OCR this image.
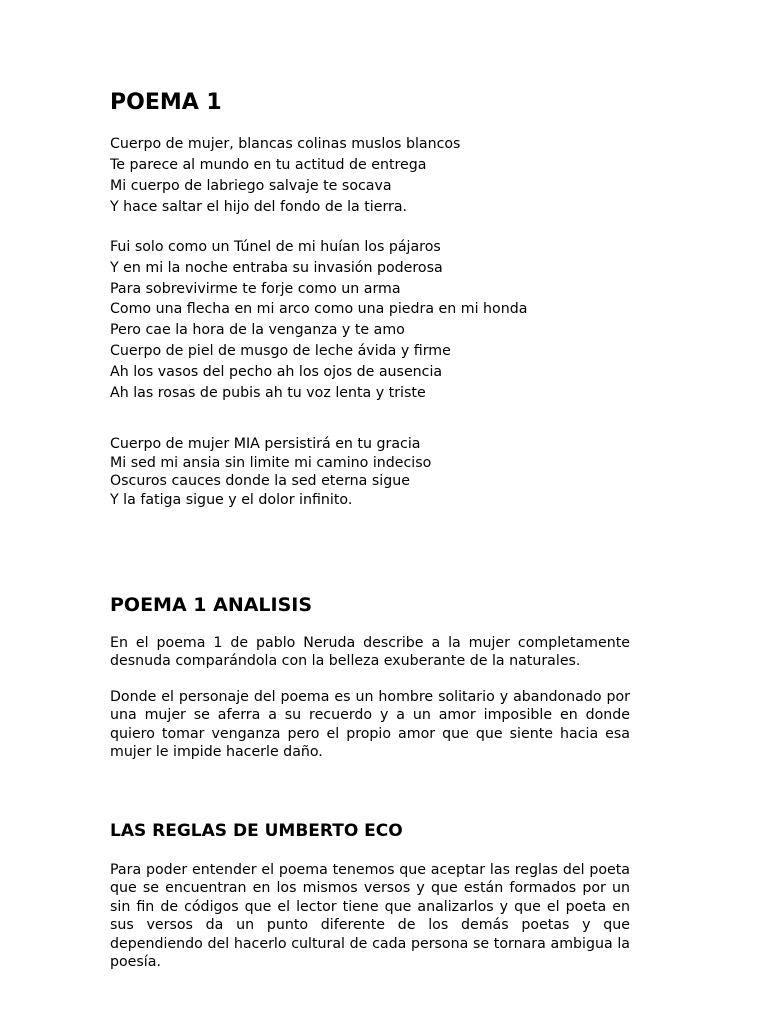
POEMA 1
Cuerpo de mujer, blancas colinas muslos blancos
Te parece al mundo en tu actitud de entrega
Mi cuerpo de labriego salvaje te socava
Y hace saltar el hijo del fondo de la tierra.
Fui solo como un Túnel de mi huían los pájaros
Y en mi la noche entraba su invasión poderosa
Para sobrevivirme te forje como un arma
Como una flecha en mi arco como una piedra en mi honda
Pero cae la hora de la venganza y te amo
Cuerpo de piel de musgo de leche ávida y firme
Ah los vasos del pecho ah los ojos de ausencia
Ah las rosas de pubis ah tu voz lenta y triste
Cuerpo de mujer MIA persistirá en tu gracia
Mi sed mi ansia sin limite mi camino indeciso
Oscuros cauces donde la sed eterna sigue
Y la fatiga sigue y el dolor infinito.
POEMA 1 ANALISIS

En el poema 1 de pablo Neruda describe a la mujer completamente desnuda comparándola con la belleza exuberante de la naturales.

Donde el personaje del poema es un hombre solitario y abandonado por una mujer se aferra a su recuerdo y a un amor imposible en donde quiero tomar venganza pero el propio amor que que siente hacia esa mujer le impide hacerle daño.

LAS REGLAS DE UMBERTO ECO

Para poder entender el poema tenemos que aceptar las reglas del poeta que se encuentran en los mismos versos y que están formados por un sin fin de códigos que el lector tiene que analizarlos y que el poeta en sus versos da un punto diferente de los demás poetas y que dependiendo del hacerlo cultural de cada persona se tornara ambigua la poesía.
